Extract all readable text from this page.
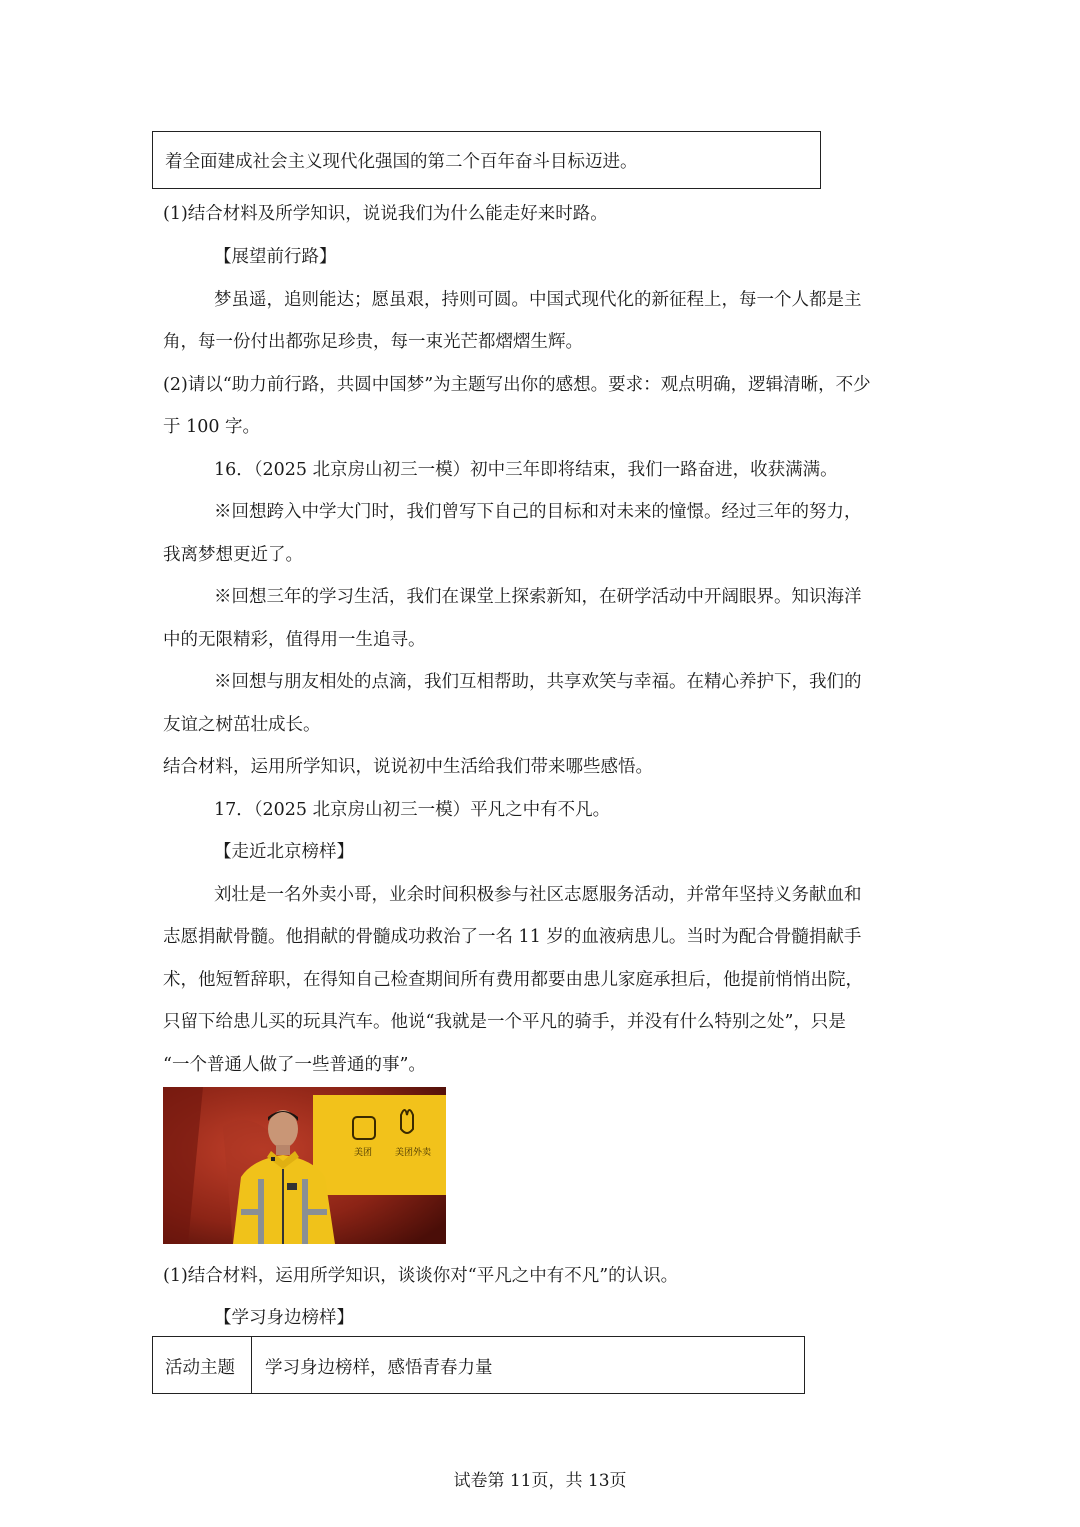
着全面建成社会主义现代化强国的第二个百年奋斗目标迈进。
(1)结合材料及所学知识，说说我们为什么能走好来时路。
【展望前行路】
梦虽遥，追则能达；愿虽艰，持则可圆。中国式现代化的新征程上，每一个人都是主
角，每一份付出都弥足珍贵，每一束光芒都熠熠生辉。
(2)请以“助力前行路，共圆中国梦”为主题写出你的感想。要求：观点明确，逻辑清晰，不少
于 100 字。
16．（2025 北京房山初三一模）初中三年即将结束，我们一路奋进，收获满满。
※回想跨入中学大门时，我们曾写下自己的目标和对未来的憧憬。经过三年的努力，
我离梦想更近了。
※回想三年的学习生活，我们在课堂上探索新知，在研学活动中开阔眼界。知识海洋
中的无限精彩，值得用一生追寻。
※回想与朋友相处的点滴，我们互相帮助，共享欢笑与幸福。在精心养护下，我们的
友谊之树茁壮成长。
结合材料，运用所学知识，说说初中生活给我们带来哪些感悟。
17．（2025 北京房山初三一模）平凡之中有不凡。
【走近北京榜样】
刘壮是一名外卖小哥，业余时间积极参与社区志愿服务活动，并常年坚持义务献血和
志愿捐献骨髓。他捐献的骨髓成功救治了一名 11 岁的血液病患儿。当时为配合骨髓捐献手
术，他短暂辞职，在得知自己检查期间所有费用都要由患儿家庭承担后，他提前悄悄出院，
只留下给患儿买的玩具汽车。他说“我就是一个平凡的骑手，并没有什么特别之处”，只是
“一个普通人做了一些普通的事”。
美团	美团外卖
(1)结合材料，运用所学知识，谈谈你对“平凡之中有不凡”的认识。
【学习身边榜样】
活动主题	学习身边榜样，感悟青春力量
试卷第 11页，共 13页
